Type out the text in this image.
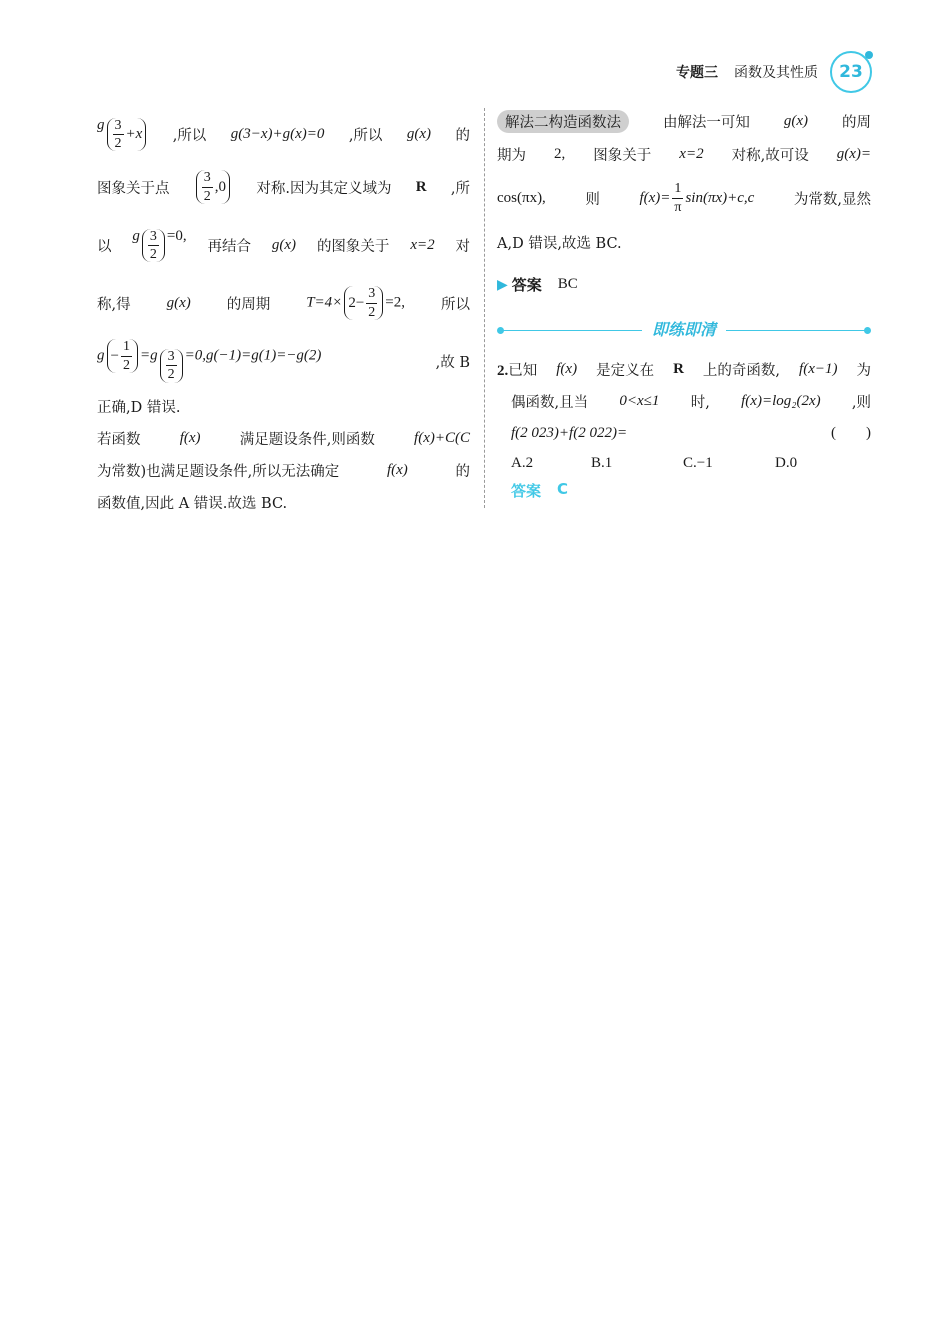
专题三 函数及其性质 23
g $\frac{3}{2} +x$ ,所以 g(3−x)+g(x)=0 ,所以 g(x) 的
图象关于点 $\frac{3}{2} ,0$ 对称.因为其定义域为 R ,所
以
g $\frac{3}{2} =0$,
再结合 g(x) 的图象关于 x=2 对
称,得 g(x) 的周期 $T=4\times 2- \frac{3}{2} =2$, 所以
$g - \frac{1}{2} =g \frac{3}{2} =0,g(-1)=g(1)=-g(2)$	,故 B
正确,D 错误.
若函数	f(x)	满足题设条件,则函数	f(x)+C(C
为常数)也满足题设条件,所以无法确定	f(x)	的
函数值,因此 A 错误.故选 BC.
解法二构造函数法	由解法一可知 g(x) 的周
期为 2, 图象关于 x=2 对称,故可设 g(x)=
cos(πx),	则	$f(x)= \frac{1}{\pi} \sin(\pi x)+c,c$	为常数,显然
A,D 错误,故选 BC.
▶ 答案 BC
即练即清
2.已知 f(x) 是定义在 R 上的奇函数, f(x−1) 为
偶函数,且当 0<x≤1 时, f(x)=log₂(2x) ,则
f(2 023)+f(2 022)=	(        )
A.2	B.1	C.−1	D.0
答案 C
